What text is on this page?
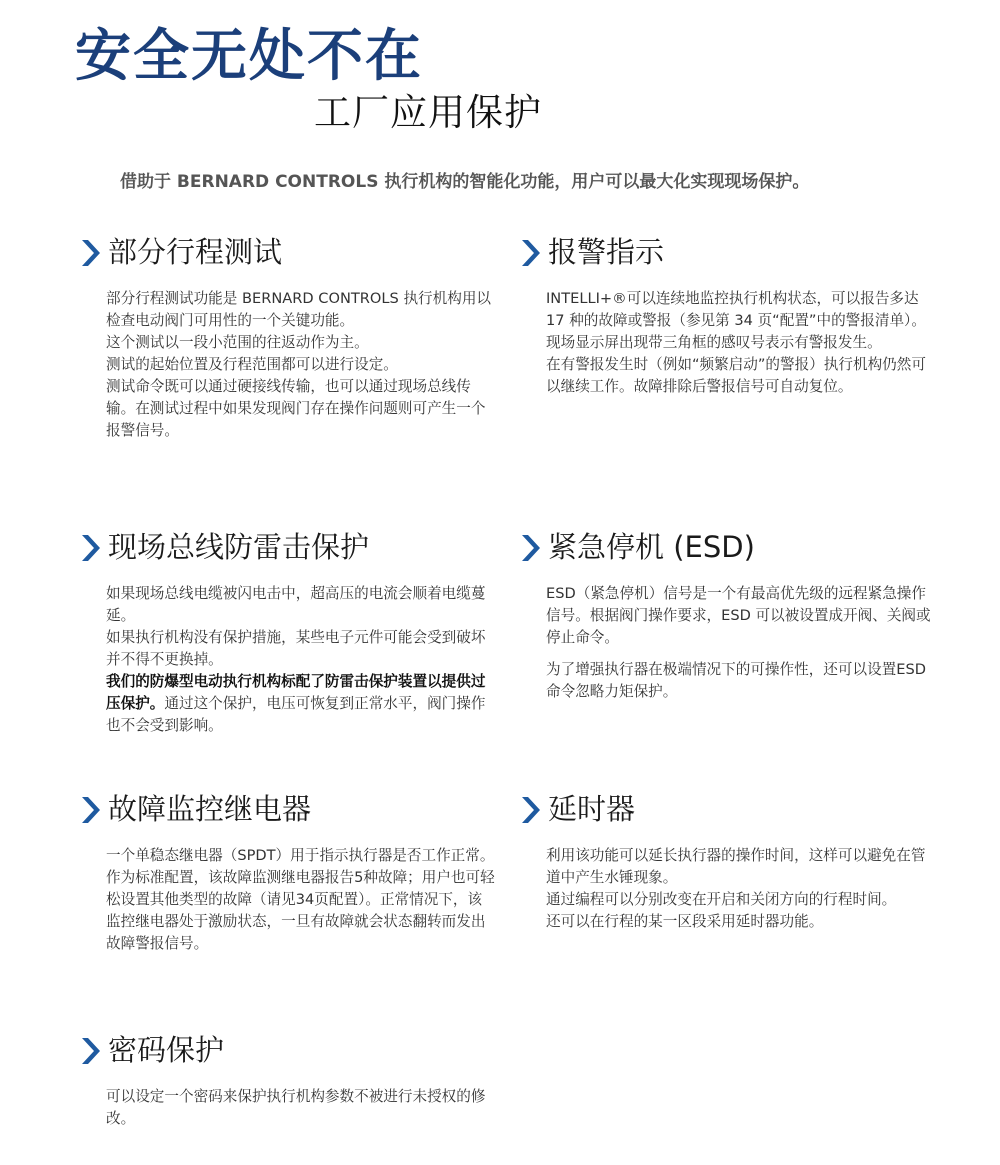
安全无处不在
工厂应用保护
借助于 BERNARD CONTROLS 执行机构的智能化功能，用户可以最大化实现现场保护。
部分行程测试

部分行程测试功能是 BERNARD CONTROLS 执行机构用以检查电动阀门可用性的一个关键功能。

这个测试以一段小范围的往返动作为主。

测试的起始位置及行程范围都可以进行设定。

测试命令既可以通过硬接线传输，也可以通过现场总线传输。在测试过程中如果发现阀门存在操作问题则可产生一个报警信号。

报警指示

INTELLI+®可以连续地监控执行机构状态，可以报告多达 17 种的故障或警报（参见第 34 页“配置”中的警报清单）。

现场显示屏出现带三角框的感叹号表示有警报发生。

在有警报发生时（例如“频繁启动”的警报）执行机构仍然可以继续工作。故障排除后警报信号可自动复位。

现场总线防雷击保护

如果现场总线电缆被闪电击中，超高压的电流会顺着电缆蔓延。

如果执行机构没有保护措施，某些电子元件可能会受到破坏并不得不更换掉。

我们的防爆型电动执行机构标配了防雷击保护装置以提供过压保护。通过这个保护，电压可恢复到正常水平，阀门操作也不会受到影响。

紧急停机 (ESD)

ESD（紧急停机）信号是一个有最高优先级的远程紧急操作信号。根据阀门操作要求，ESD 可以被设置成开阀、关阀或停止命令。

为了增强执行器在极端情况下的可操作性，还可以设置ESD命令忽略力矩保护。

故障监控继电器

一个单稳态继电器（SPDT）用于指示执行器是否工作正常。作为标准配置，该故障监测继电器报告5种故障；用户也可轻松设置其他类型的故障（请见34页配置）。正常情况下，该监控继电器处于激励状态，一旦有故障就会状态翻转而发出故障警报信号。

延时器

利用该功能可以延长执行器的操作时间，这样可以避免在管道中产生水锤现象。

通过编程可以分别改变在开启和关闭方向的行程时间。

还可以在行程的某一区段采用延时器功能。

密码保护

可以设定一个密码来保护执行机构参数不被进行未授权的修改。
